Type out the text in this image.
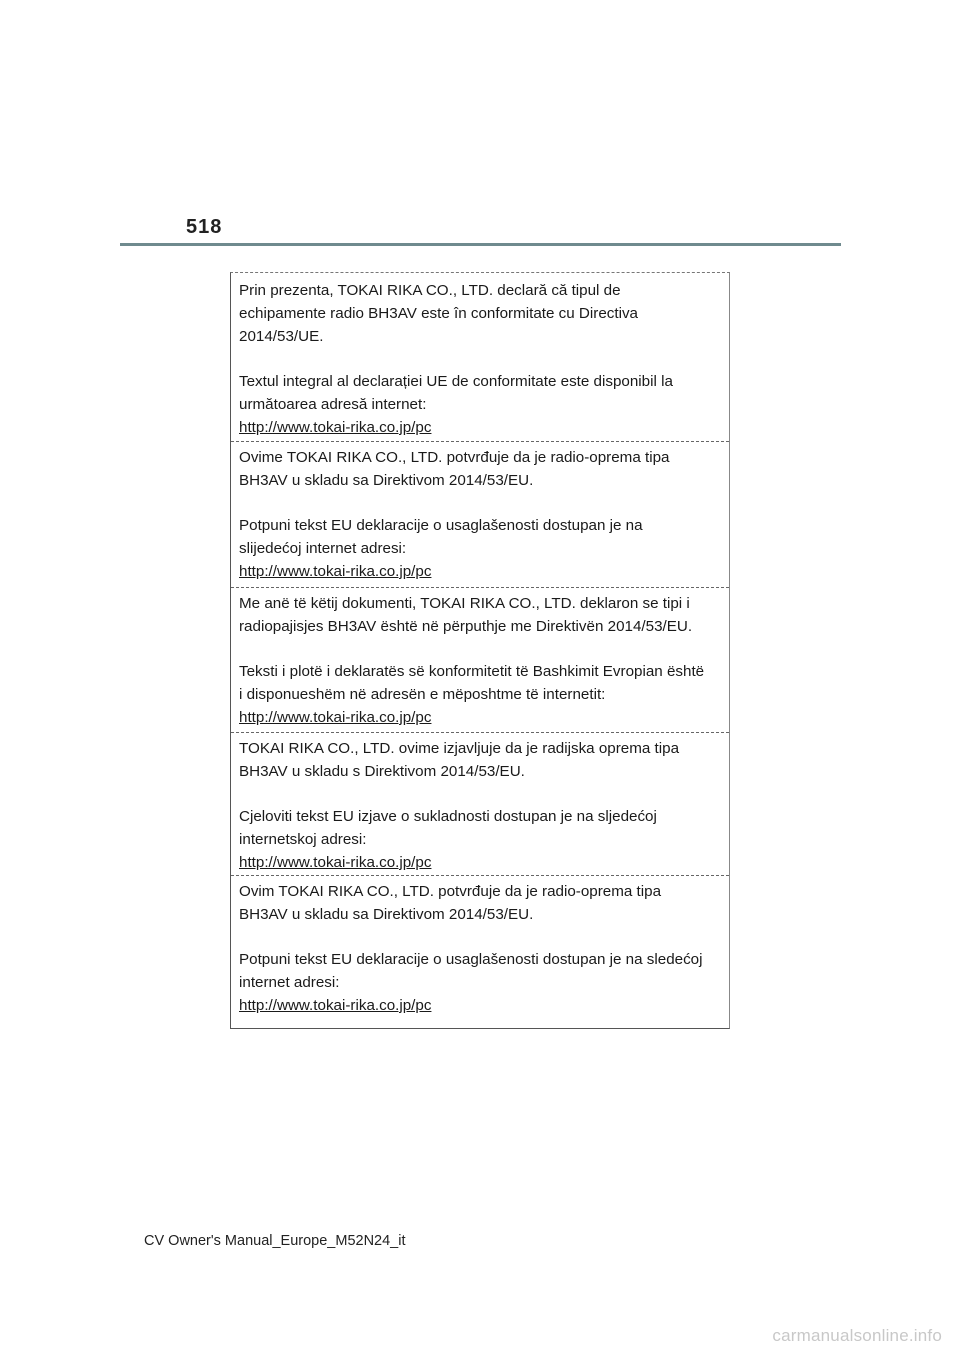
518

Prin prezenta, TOKAI RIKA CO., LTD. declară că tipul de echipamente radio BH3AV este în conformitate cu Directiva 2014/53/UE.

Textul integral al declarației UE de conformitate este disponibil la următoarea adresă internet:

http://www.tokai-rika.co.jp/pc

Ovime TOKAI RIKA CO., LTD. potvrđuje da je radio-oprema tipa BH3AV u skladu sa Direktivom 2014/53/EU.

Potpuni tekst EU deklaracije o usaglašenosti dostupan je na slijedećoj internet adresi:

http://www.tokai-rika.co.jp/pc

Me anë të këtij dokumenti, TOKAI RIKA CO., LTD. deklaron se tipi i radiopajisjes BH3AV është në përputhje me Direktivën 2014/53/EU.

Teksti i plotë i deklaratës së konformitetit të Bashkimit Evropian është i disponueshëm në adresën e mëposhtme të internetit:

http://www.tokai-rika.co.jp/pc

TOKAI RIKA CO., LTD. ovime izjavljuje da je radijska oprema tipa BH3AV u skladu s Direktivom 2014/53/EU.

Cjeloviti tekst EU izjave o sukladnosti dostupan je na sljedećoj internetskoj adresi:

http://www.tokai-rika.co.jp/pc

Ovim TOKAI RIKA CO., LTD. potvrđuje da je radio-oprema tipa BH3AV u skladu sa Direktivom 2014/53/EU.

Potpuni tekst EU deklaracije o usaglašenosti dostupan je na sledećoj internet adresi:

http://www.tokai-rika.co.jp/pc
CV Owner's Manual_Europe_M52N24_it
carmanualsonline.info
